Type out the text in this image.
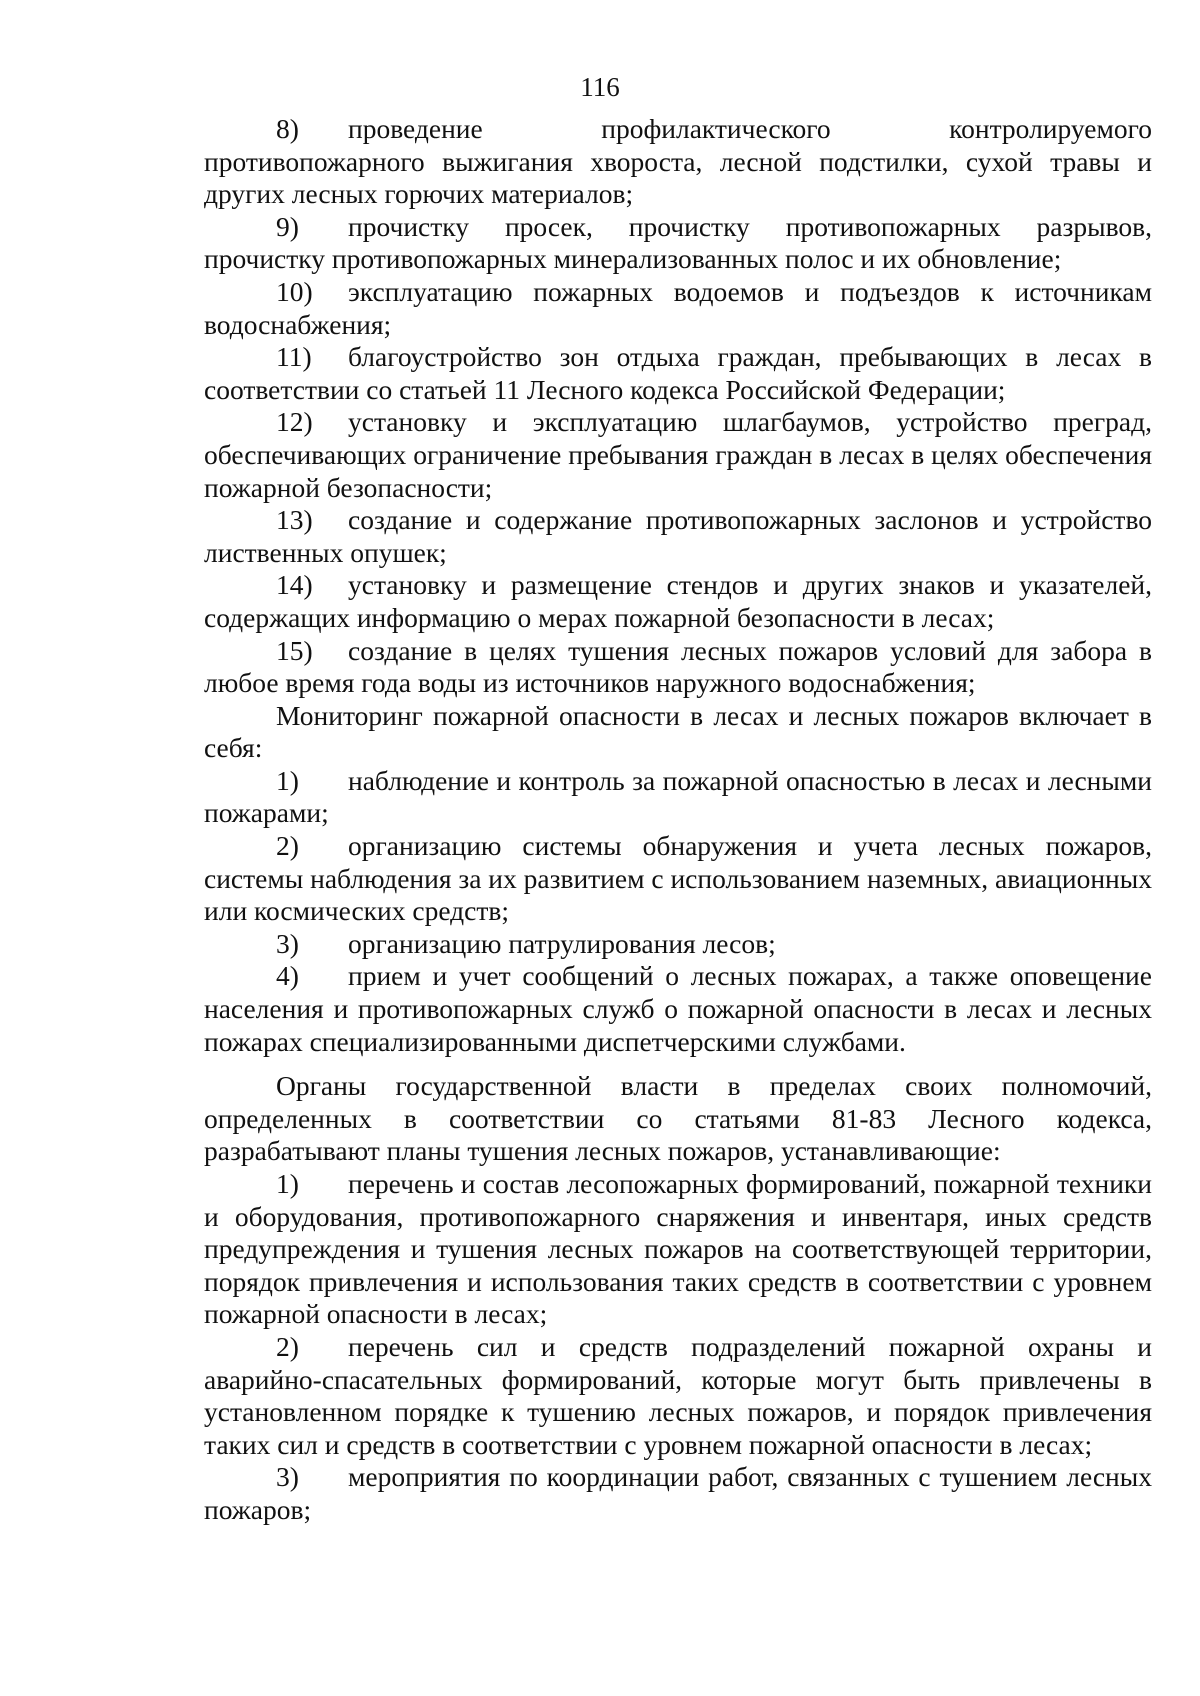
116

8) проведение профилактического контролируемого противопожарного выжигания хвороста, лесной подстилки, сухой травы и других лесных горючих материалов;

9) прочистку просек, прочистку противопожарных разрывов, прочистку противопожарных минерализованных полос и их обновление;

10) эксплуатацию пожарных водоемов и подъездов к источникам водоснабжения;

11) благоустройство зон отдыха граждан, пребывающих в лесах в соответствии со статьей 11 Лесного кодекса Российской Федерации;

12) установку и эксплуатацию шлагбаумов, устройство преград, обеспечивающих ограничение пребывания граждан в лесах в целях обеспечения пожарной безопасности;

13) создание и содержание противопожарных заслонов и устройство лиственных опушек;

14) установку и размещение стендов и других знаков и указателей, содержащих информацию о мерах пожарной безопасности в лесах;

15) создание в целях тушения лесных пожаров условий для забора в любое время года воды из источников наружного водоснабжения;

Мониторинг пожарной опасности в лесах и лесных пожаров включает в себя:

1) наблюдение и контроль за пожарной опасностью в лесах и лесными пожарами;

2) организацию системы обнаружения и учета лесных пожаров, системы наблюдения за их развитием с использованием наземных, авиационных или космических средств;

3) организацию патрулирования лесов;

4) прием и учет сообщений о лесных пожарах, а также оповещение населения и противопожарных служб о пожарной опасности в лесах и лесных пожарах специализированными диспетчерскими службами.

Органы государственной власти в пределах своих полномочий, определенных в соответствии со статьями 81-83 Лесного кодекса, разрабатывают планы тушения лесных пожаров, устанавливающие:

1) перечень и состав лесопожарных формирований, пожарной техники и оборудования, противопожарного снаряжения и инвентаря, иных средств предупреждения и тушения лесных пожаров на соответствующей территории, порядок привлечения и использования таких средств в соответствии с уровнем пожарной опасности в лесах;

2) перечень сил и средств подразделений пожарной охраны и аварийно-спасательных формирований, которые могут быть привлечены в установленном порядке к тушению лесных пожаров, и порядок привлечения таких сил и средств в соответствии с уровнем пожарной опасности в лесах;

3) мероприятия по координации работ, связанных с тушением лесных пожаров;
